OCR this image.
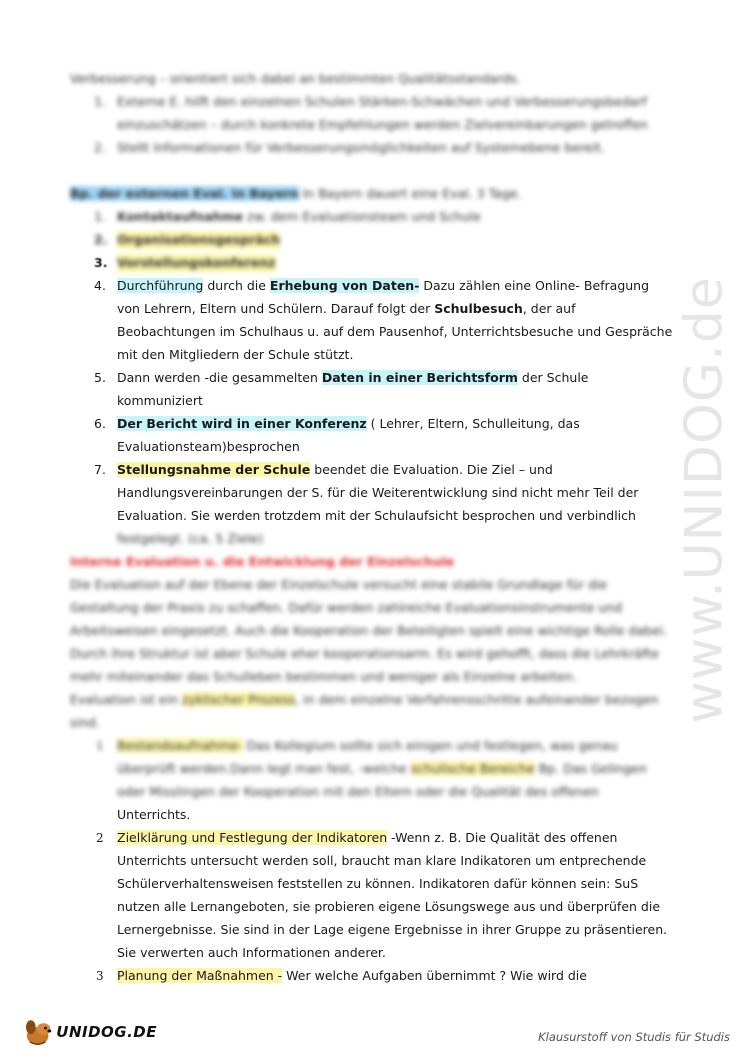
Verbesserung – orientiert sich dabei an bestimmten Qualitätsstandards.
1. Externe E. hilft den einzelnen Schulen Stärken-Schwächen und Verbesserungsbedarf
einzuschätzen – durch konkrete Empfehlungen werden Zielvereinbarungen getroffen
2. Stellt Informationen für Verbesserungsmöglichkeiten auf Systemebene bereit.
Bp. der externen Eval. in Bayern In Bayern dauert eine Eval. 3 Tage.
1. Kontaktaufnahme zw. dem Evaluationsteam und Schule
2. Organisationsgespräch
3. Vorstellungskonferenz
4. Durchführung durch die Erhebung von Daten- Dazu zählen eine Online- Befragung
von Lehrern, Eltern und Schülern. Darauf folgt der Schulbesuch, der auf
Beobachtungen im Schulhaus u. auf dem Pausenhof, Unterrichtsbesuche und Gespräche
mit den Mitgliedern der Schule stützt.
5. Dann werden -die gesammelten Daten in einer Berichtsform der Schule
kommuniziert
6. Der Bericht wird in einer Konferenz ( Lehrer, Eltern, Schulleitung, das
Evaluationsteam)besprochen
7. Stellungsnahme der Schule beendet die Evaluation. Die Ziel – und
Handlungsvereinbarungen der S. für die Weiterentwicklung sind nicht mehr Teil der
Evaluation. Sie werden trotzdem mit der Schulaufsicht besprochen und verbindlich
festgelegt. (ca. 5 Ziele)
Interne Evaluation u. die Entwicklung der Einzelschule
Die Evaluation auf der Ebene der Einzelschule versucht eine stabile Grundlage für die
Gestaltung der Praxis zu schaffen. Dafür werden zahlreiche Evaluationsinstrumente und
Arbeitsweisen eingesetzt. Auch die Kooperation der Beteiligten spielt eine wichtige Rolle dabei.
Durch ihre Struktur ist aber Schule eher kooperationsarm. Es wird gehofft, dass die Lehrkräfte
mehr miteinander das Schulleben bestimmen und weniger als Einzelne arbeiten.
Evaluation ist ein zyklischer Prozess, in dem einzelne Verfahrensschritte aufeinander bezogen
sind.
1 Bestandsaufnahme- Das Kollegium sollte sich einigen und festlegen, was genau
überprüft werden.Dann legt man fest, -welche schulische Bereiche Bp. Das Gelingen
oder Misslingen der Kooperation mit den Eltern oder die Qualität des offenen
Unterrichts.
2 Zielklärung und Festlegung der Indikatoren -Wenn z. B. Die Qualität des offenen
Unterrichts untersucht werden soll, braucht man klare Indikatoren um entprechende
Schülerverhaltensweisen feststellen zu können. Indikatoren dafür können sein: SuS
nutzen alle Lernangeboten, sie probieren eigene Lösungswege aus und überprüfen die
Lernergebnisse. Sie sind in der Lage eigene Ergebnisse in ihrer Gruppe zu präsentieren.
Sie verwerten auch Informationen anderer.
3 Planung der Maßnahmen - Wer welche Aufgaben übernimmt ? Wie wird die
www.UNIDOG.de
UNIDOG.DE	Klausurstoff von Studis für Studis
